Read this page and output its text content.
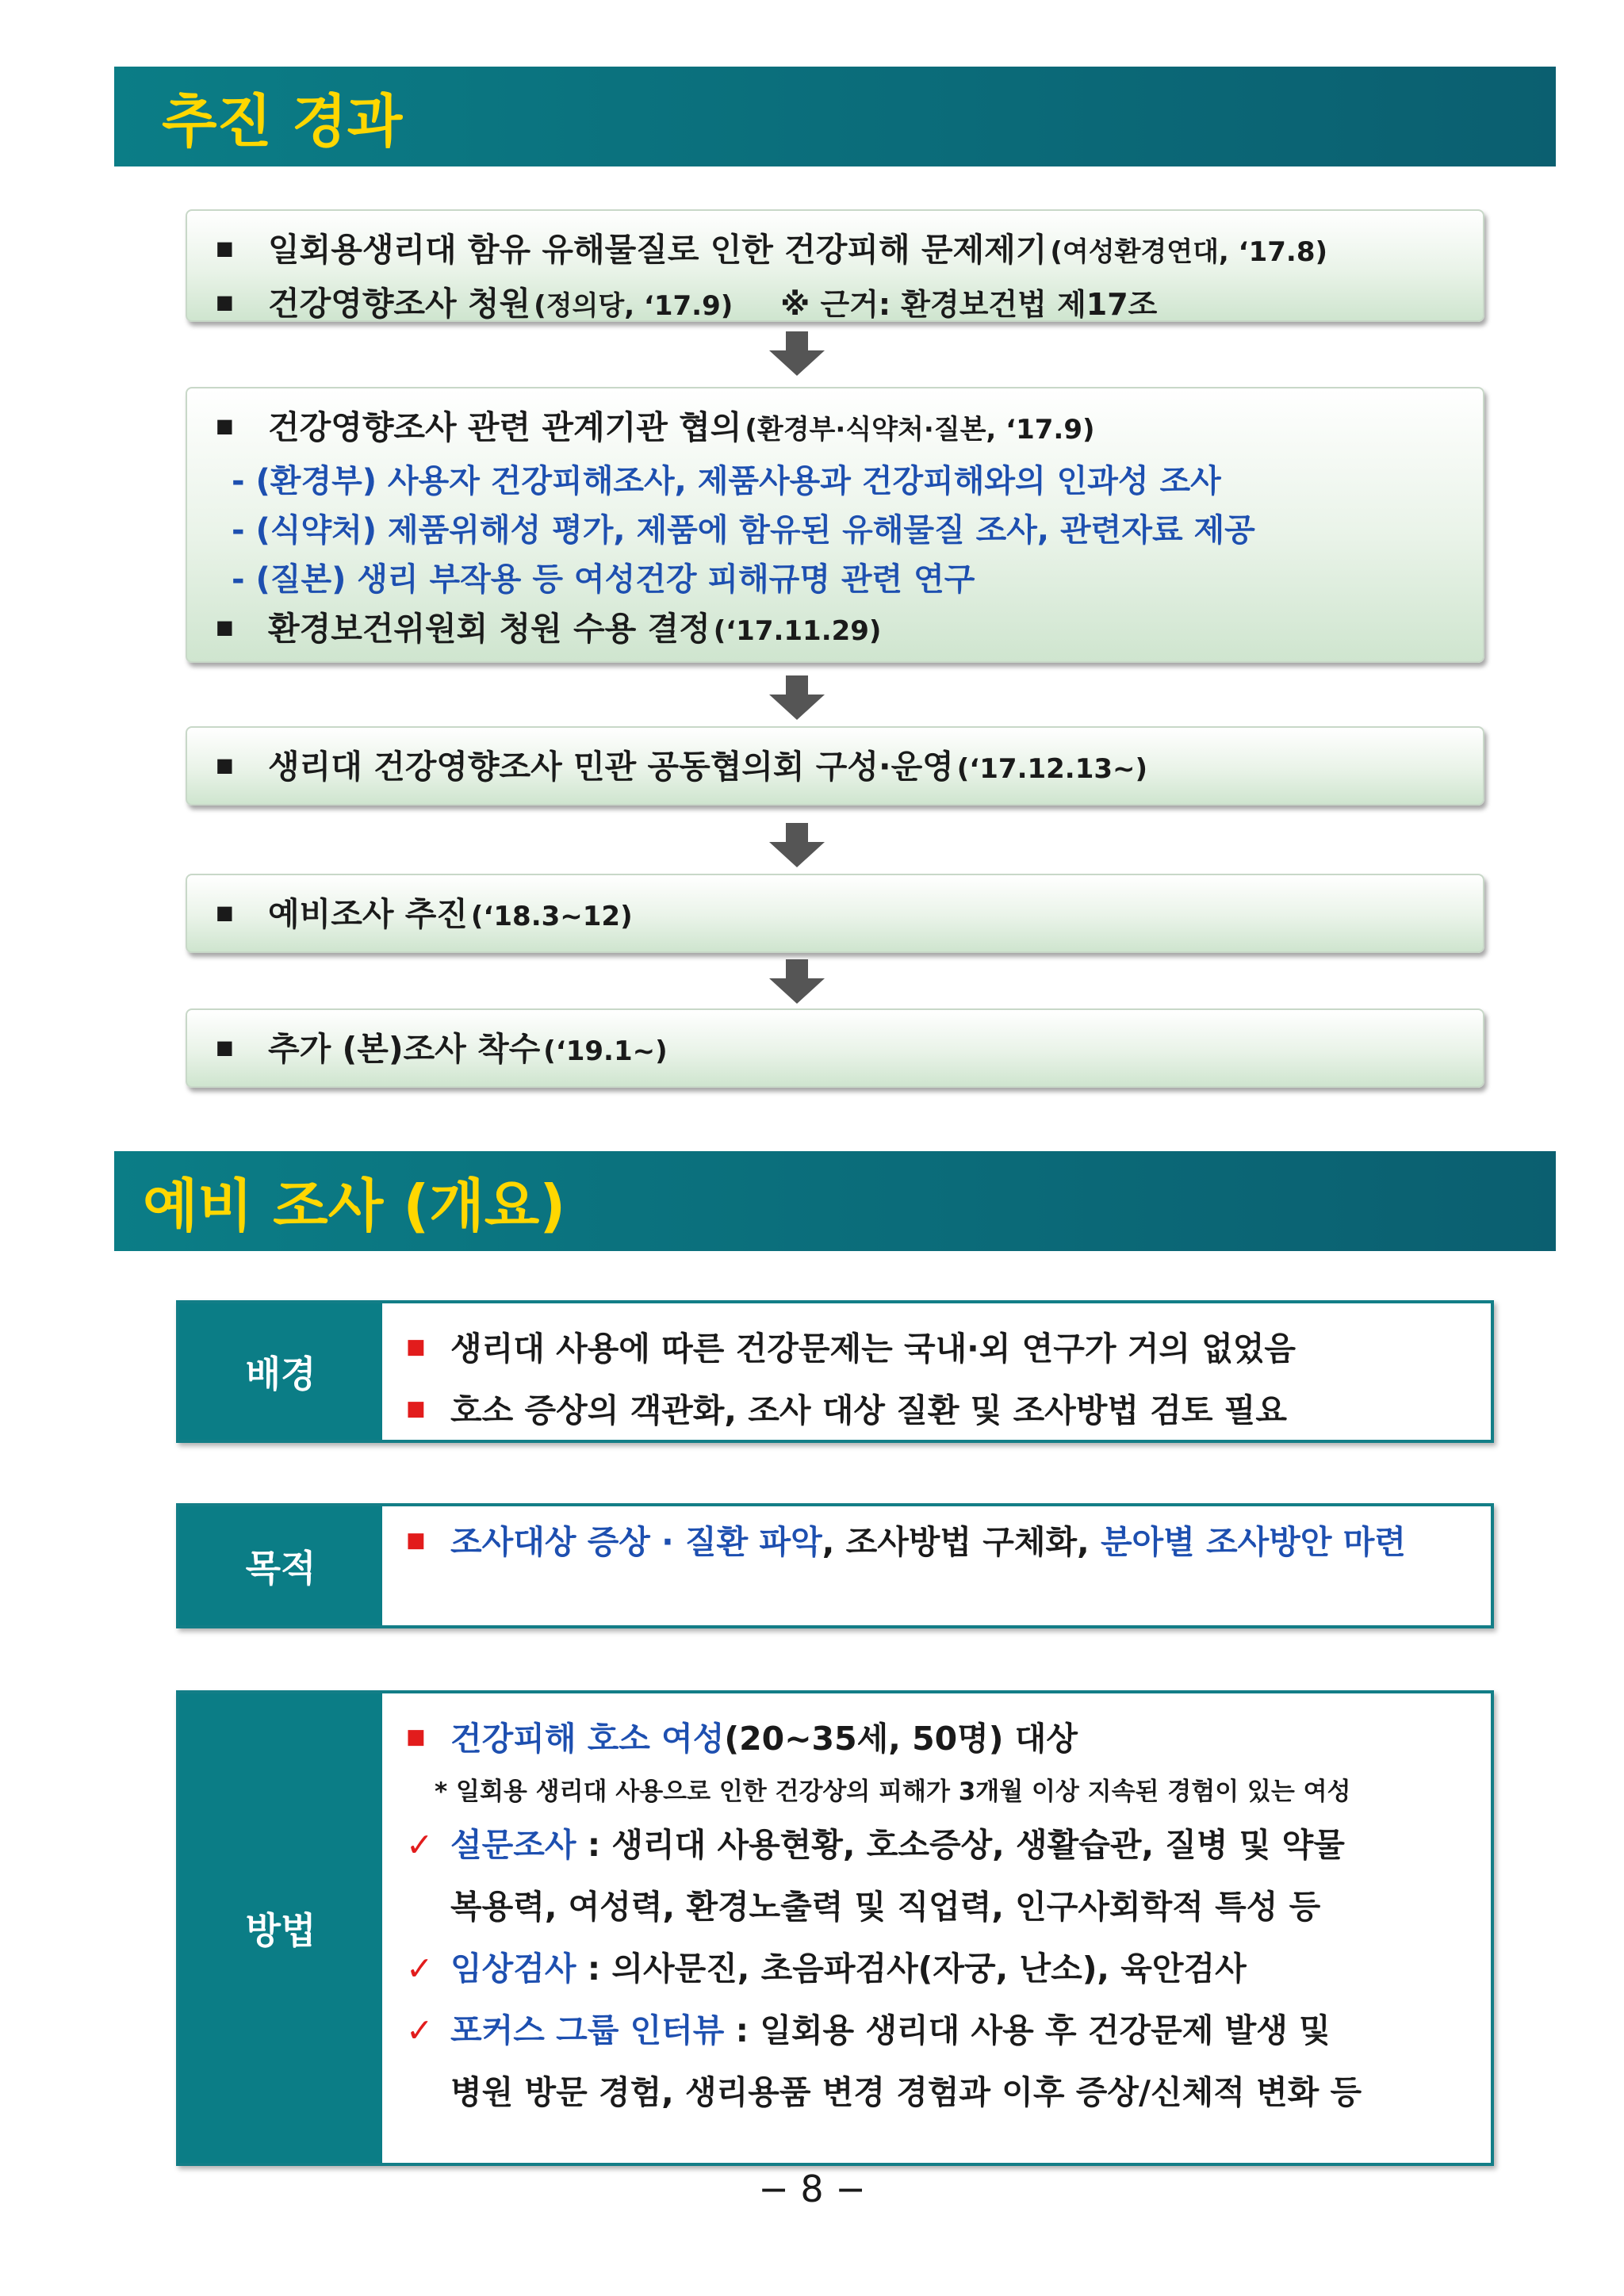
추진 경과
■	일회용생리대 함유 유해물질로 인한 건강피해 문제제기 (여성환경연대, ‘17.8)
■	건강영향조사 청원 (정의당, ‘17.9) ※ 근거: 환경보건법 제17조
■	건강영향조사 관련 관계기관 협의 (환경부·식약처·질본, ‘17.9)
- (환경부) 사용자 건강피해조사, 제품사용과 건강피해와의 인과성 조사
- (식약처) 제품위해성 평가, 제품에 함유된 유해물질 조사, 관련자료 제공
- (질본) 생리 부작용 등 여성건강 피해규명 관련 연구
■	환경보건위원회 청원 수용 결정 (‘17.11.29)
■	생리대 건강영향조사 민관 공동협의회 구성·운영 (‘17.12.13~)
■	예비조사 추진 (‘18.3~12)
■	추가 (본)조사 착수 (‘19.1~)
예비 조사 (개요)
배경
■ 생리대 사용에 따른 건강문제는 국내·외 연구가 거의 없었음
■ 호소 증상의 객관화, 조사 대상 질환 및 조사방법 검토 필요
목적
■ 조사대상 증상 · 질환 파악, 조사방법 구체화, 분아별 조사방안 마련
방법
■ 건강피해 호소 여성(20~35세, 50명) 대상
* 일회용 생리대 사용으로 인한 건강상의 피해가 3개월 이상 지속된 경험이 있는 여성
✓ 설문조사 : 생리대 사용현황, 호소증상, 생활습관, 질병 및 약물
복용력, 여성력, 환경노출력 및 직업력, 인구사회학적 특성 등
✓ 임상검사 : 의사문진, 초음파검사(자궁, 난소), 육안검사
✓ 포커스 그룹 인터뷰 : 일회용 생리대 사용 후 건강문제 발생 및
병원 방문 경험, 생리용품 변경 경험과 이후 증상/신체적 변화 등
− 8 −
